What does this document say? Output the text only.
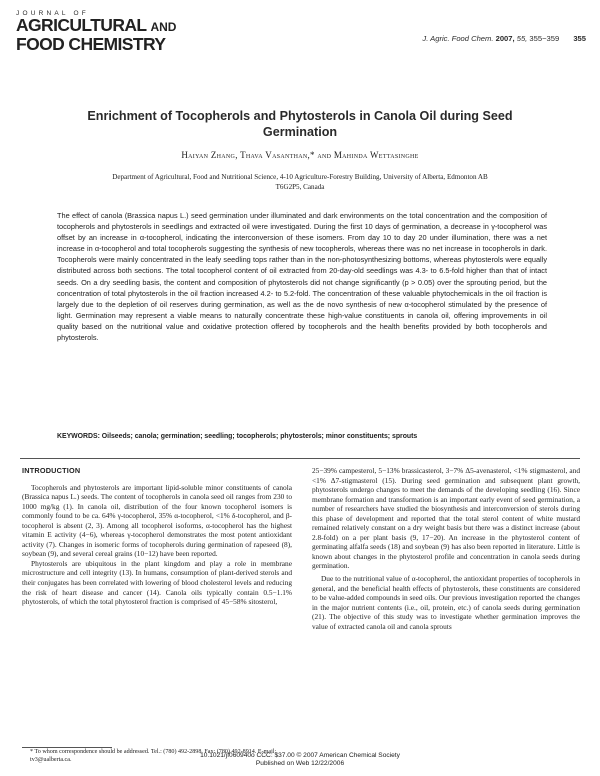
JOURNAL OF
AGRICULTURAL AND
FOOD CHEMISTRY	J. Agric. Food Chem. 2007, 55, 355−359 355
Enrichment of Tocopherols and Phytosterols in Canola Oil during Seed Germination
Haiyan Zhang, Thava Vasanthan,* and Mahinda Wettasinghe
Department of Agricultural, Food and Nutritional Science, 4-10 Agriculture-Forestry Building, University of Alberta, Edmonton AB T6G2P5, Canada
The effect of canola (Brassica napus L.) seed germination under illuminated and dark environments on the total concentration and the composition of tocopherols and phytosterols in seedlings and extracted oil were investigated. During the first 10 days of germination, a decrease in γ-tocopherol was offset by an increase in α-tocopherol, indicating the interconversion of these isomers. From day 10 to day 20 under illumination, there was a net increase in α-tocopherol and total tocopherols suggesting the synthesis of new tocopherols, whereas there was no net increase in tocopherols in dark. Tocopherols were mainly concentrated in the leafy seedling tops rather than in the non-photosynthesizing bottoms, whereas phytosterols were equally distributed across both sections. The total tocopherol content of oil extracted from 20-day-old seedlings was 4.3- to 6.5-fold higher than that of intact seeds. On a dry seedling basis, the content and composition of phytosterols did not change significantly (p > 0.05) over the sprouting period, but the concentration of total phytosterols in the oil fraction increased 4.2- to 5.2-fold. The concentration of these valuable phytochemicals in the oil fraction is largely due to the depletion of oil reserves during germination, as well as the de novo synthesis of new α-tocopherol stimulated by the presence of light. Germination may represent a viable means to naturally concentrate these high-value constituents in canola oil, offering improvements in oil quality based on the nutritional value and oxidative protection offered by tocopherols and the health benefits provided by both tocopherols and phytosterols.
KEYWORDS: Oilseeds; canola; germination; seedling; tocopherols; phytosterols; minor constituents; sprouts
INTRODUCTION

Tocopherols and phytosterols are important lipid-soluble minor constituents of canola (Brassica napus L.) seeds. The content of tocopherols in canola seed oil ranges from 230 to 1000 mg/kg (1). In canola oil, distribution of the four known tocopherol isomers is commonly found to be ca. 64% γ-tocopherol, 35% α-tocopherol, <1% δ-tocopherol, and β-tocopherol is absent (2, 3). Among all tocopherol isoforms, α-tocopherol has the highest vitamin E activity (4−6), whereas γ-tocopherol demonstrates the most potent antioxidant activity (7). Changes in isomeric forms of tocopherols during germination of rapeseed (8), soybean (9), and several cereal grains (10−12) have been reported.

Phytosterols are ubiquitous in the plant kingdom and play a role in membrane microstructure and cell integrity (13). In humans, consumption of plant-derived sterols and their conjugates has been correlated with lowering of blood cholesterol levels and reducing the risk of heart disease and cancer (14). Canola oils typically contain 0.5−1.1% phytosterols, of which the total phytosterol fraction is comprised of 45−58% sitosterol,

25−39% campesterol, 5−13% brassicasterol, 3−7% Δ5-avenasterol, <1% stigmasterol, and <1% Δ7-stigmasterol (15). During seed germination and subsequent plant growth, phytosterols undergo changes to meet the demands of the developing seedling (16). Since membrane formation and transformation is an important early event of seed germination, a number of researchers have studied the biosynthesis and interconversion of sterols during this phase of development and reported that the total sterol content of white mustard remained relatively constant on a dry weight basis but there was a distinct increase (about 2.8-fold) on a per plant basis (9, 17−20). An increase in the phytosterol content of germinating alfalfa seeds (18) and soybean (9) has also been reported in literature. Little is known about changes in the phytosterol profile and concentration in canola seeds during germination.

Due to the nutritional value of α-tocopherol, the antioxidant properties of tocopherols in general, and the beneficial health effects of phytosterols, these constituents are considered to be value-added compounds in seed oils. Our previous investigation reported the changes in the major nutrient contents (i.e., oil, protein, etc.) of canola seeds during germination (21). The objective of this study was to investigate whether germination improves the value of extracted canola oil and canola sprouts

* To whom correspondence should be addressed. Tel.: (780) 492-2898. Fax: (780) 492-8914. E-mail: tv3@ualberta.ca.
10.1021/jf060940o CCC: $37.00 © 2007 American Chemical Society
Published on Web 12/22/2006
